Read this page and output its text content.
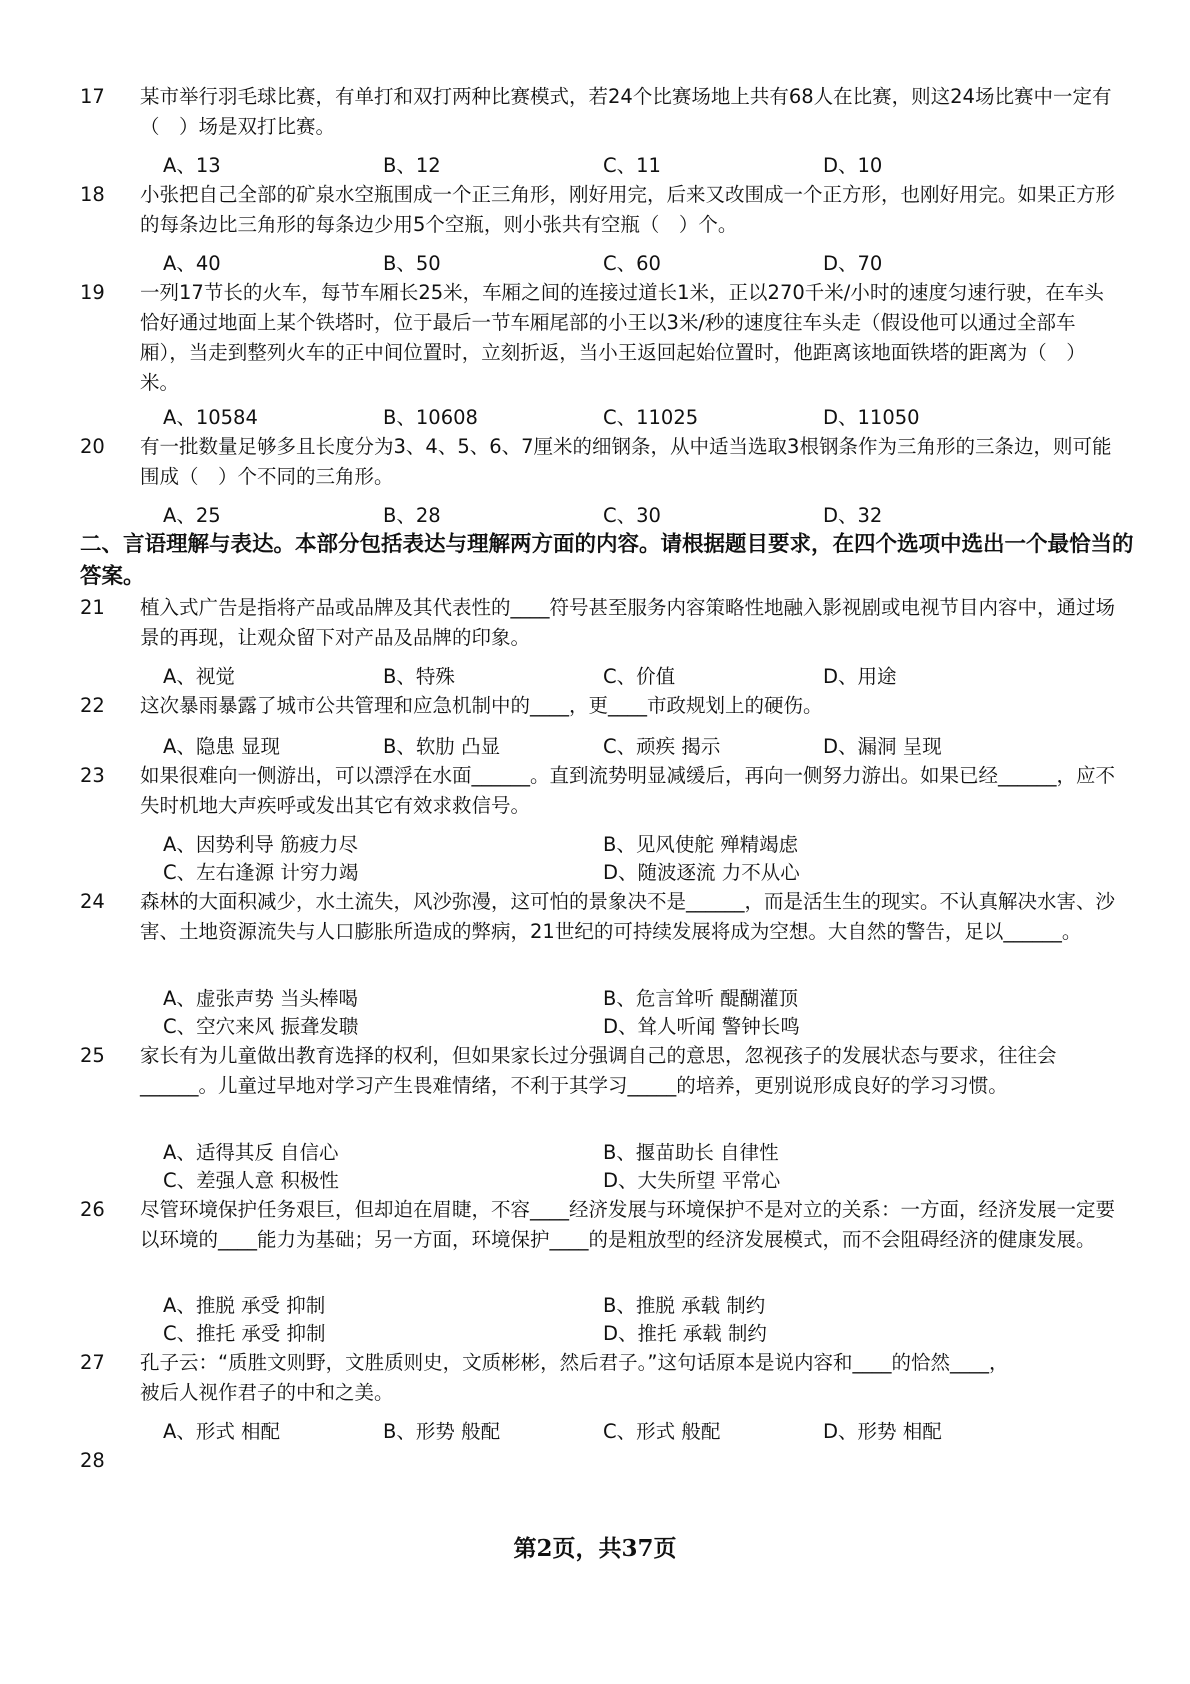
17	某市举行羽毛球比赛，有单打和双打两种比赛模式，若24个比赛场地上共有68人在比赛，则这24场比赛中一定有（　）场是双打比赛。
A、13	B、12	C、11	D、10
18	小张把自己全部的矿泉水空瓶围成一个正三角形，刚好用完，后来又改围成一个正方形，也刚好用完。如果正方形的每条边比三角形的每条边少用5个空瓶，则小张共有空瓶（　）个。
A、40	B、50	C、60	D、70
19	一列17节长的火车，每节车厢长25米，车厢之间的连接过道长1米，正以270千米/小时的速度匀速行驶，在车头恰好通过地面上某个铁塔时，位于最后一节车厢尾部的小王以3米/秒的速度往车头走（假设他可以通过全部车厢），当走到整列火车的正中间位置时，立刻折返，当小王返回起始位置时，他距离该地面铁塔的距离为（　）米。
A、10584	B、10608	C、11025	D、11050
20	有一批数量足够多且长度分为3、4、5、6、7厘米的细钢条，从中适当选取3根钢条作为三角形的三条边，则可能围成（　）个不同的三角形。
A、25	B、28	C、30	D、32
二、言语理解与表达。本部分包括表达与理解两方面的内容。请根据题目要求，在四个选项中选出一个最恰当的答案。
21	植入式广告是指将产品或品牌及其代表性的____符号甚至服务内容策略性地融入影视剧或电视节目内容中，通过场景的再现，让观众留下对产品及品牌的印象。
A、视觉	B、特殊	C、价值	D、用途
22	这次暴雨暴露了城市公共管理和应急机制中的____，更____市政规划上的硬伤。
A、隐患 显现	B、软肋 凸显	C、顽疾 揭示	D、漏洞 呈现
23	如果很难向一侧游出，可以漂浮在水面______。直到流势明显减缓后，再向一侧努力游出。如果已经______，应不失时机地大声疾呼或发出其它有效求救信号。
A、因势利导 筋疲力尽	B、见风使舵 殚精竭虑
C、左右逢源 计穷力竭	D、随波逐流 力不从心
24	森林的大面积减少，水土流失，风沙弥漫，这可怕的景象决不是______，而是活生生的现实。不认真解决水害、沙害、土地资源流失与人口膨胀所造成的弊病，21世纪的可持续发展将成为空想。大自然的警告，足以______。
A、虚张声势 当头棒喝	B、危言耸听 醍醐灌顶
C、空穴来风 振聋发聩	D、耸人听闻 警钟长鸣
25	家长有为儿童做出教育选择的权利，但如果家长过分强调自己的意思，忽视孩子的发展状态与要求，往往会______。儿童过早地对学习产生畏难情绪，不利于其学习_____的培养，更别说形成良好的学习习惯。
A、适得其反 自信心	B、揠苗助长 自律性
C、差强人意 积极性	D、大失所望 平常心
26	尽管环境保护任务艰巨，但却迫在眉睫，不容____经济发展与环境保护不是对立的关系：一方面，经济发展一定要以环境的____能力为基础；另一方面，环境保护____的是粗放型的经济发展模式，而不会阻碍经济的健康发展。
A、推脱 承受 抑制	B、推脱 承载 制约
C、推托 承受 抑制	D、推托 承载 制约
27	孔子云：“质胜文则野，文胜质则史，文质彬彬，然后君子。”这句话原本是说内容和____的恰然____，被后人视作君子的中和之美。
A、形式 相配	B、形势 般配	C、形式 般配	D、形势 相配
28
第2页，共37页
